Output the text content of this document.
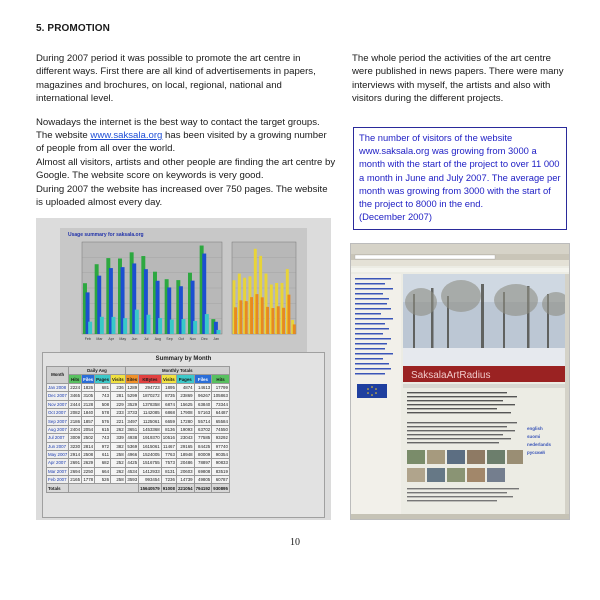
5. PROMOTION

During 2007 period it was possible to promote the art centre in different ways. First there are all kind of advertisements in papers, magazines and brochures, on local, regional, national and international level.

Nowadays the internet is the best way to contact the target groups. The website www.saksala.org has been visited by a growing number of people from all over the world.
Almost all visitors, artists and other people are finding the art centre by Google. The website score on keywords is very good.
During 2007 the website has increased over 750 pages. The website is uploaded almost every day.

The whole period the activities of the art centre were published in news papers. There were many interviews with myself, the artists and also with visitors during the different projects.

The number of visitors of the website www.saksala.org was growing from 3000 a month with the start of the project to over 11 000 a month in June and July 2007. The average per month was growing from 3000 with the start of the project to 8000 in the end.
(December 2007)
Feb Mar Apr May Jun Jul Aug Sep Oct Nov Dec Jan
Usage summary for saksala.org
Summary by Month
Month	Daily Avg				Monthly Totals					
	Hits	Files	Pages	Visits	Sites	KBytes	Visits	Pages	Files	Hits
Jan 2008	2224	1826	681	236	1289	294723	1895	4874	14613	17799
Dec 2007	3465	3105	743	281	5299	1870272	8735	23869	96267	105863
Nov 2007	2444	2128	508	229	3529	1378358	6874	15625	63840	73344
Oct 2007	2082	1840	578	233	3733	1142085	6868	17908	57163	64487
Sep 2007	2186	1857	576	221	3497	1125061	6659	17280	55714	65584
Aug 2007	2404	2054	615	262	3651	1453368	8136	19093	63702	74550
Jul 2007	3009	2502	743	339	4938	1919370	10516	23043	77585	93292
Jun 2007	3230	2814	972	382	5369	1615061	11467	29165	84425	97740
May 2007	2914	2508	611	258	4966	1524005	7763	18948	80009	90354
Apr 2007	2691	2629	682	252	4425	1516755	7573	20486	78897	90833
Mar 2007	2694	2250	664	262	4534	1412933	8131	20603	69808	83519
Feb 2007	2165	1778	526	258	3593	993454	7236	14739	49805	60787
Totals						15640579	91008	221054	794192	930895
SaksalaArtRadius
english
suomi
nederlands
русский
10
